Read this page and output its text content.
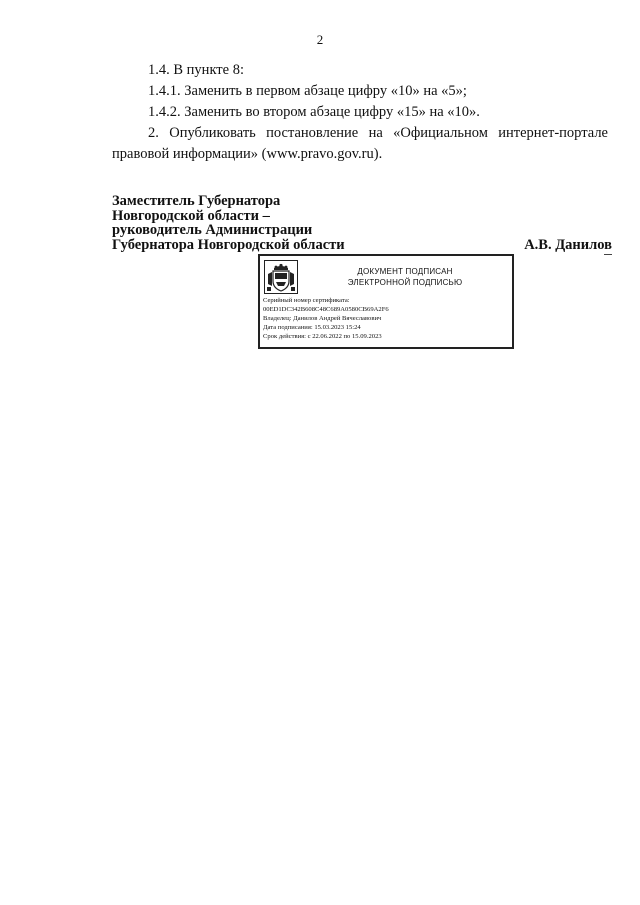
2

1.4. В пункте 8:

1.4.1. Заменить в первом абзаце цифру «10» на «5»;

1.4.2. Заменить во втором абзаце цифру «15» на «10».

2. Опубликовать постановление на «Официальном интернет-портале правовой информации» (www.pravo.gov.ru).

Заместитель Губернатора
Новгородской области –
руководитель Администрации
Губернатора Новгородской области	А.В. Данилов
ДОКУМЕНТ ПОДПИСАН
ЭЛЕКТРОННОЙ ПОДПИСЬЮ
Серийный номер сертификата:
00ED1DC342B608C48C689A0580CB69A2F6
Владелец: Данилов Андрей Вячеславович
Дата подписания: 15.03.2023 15:24
Срок действия: с 22.06.2022 по 15.09.2023
